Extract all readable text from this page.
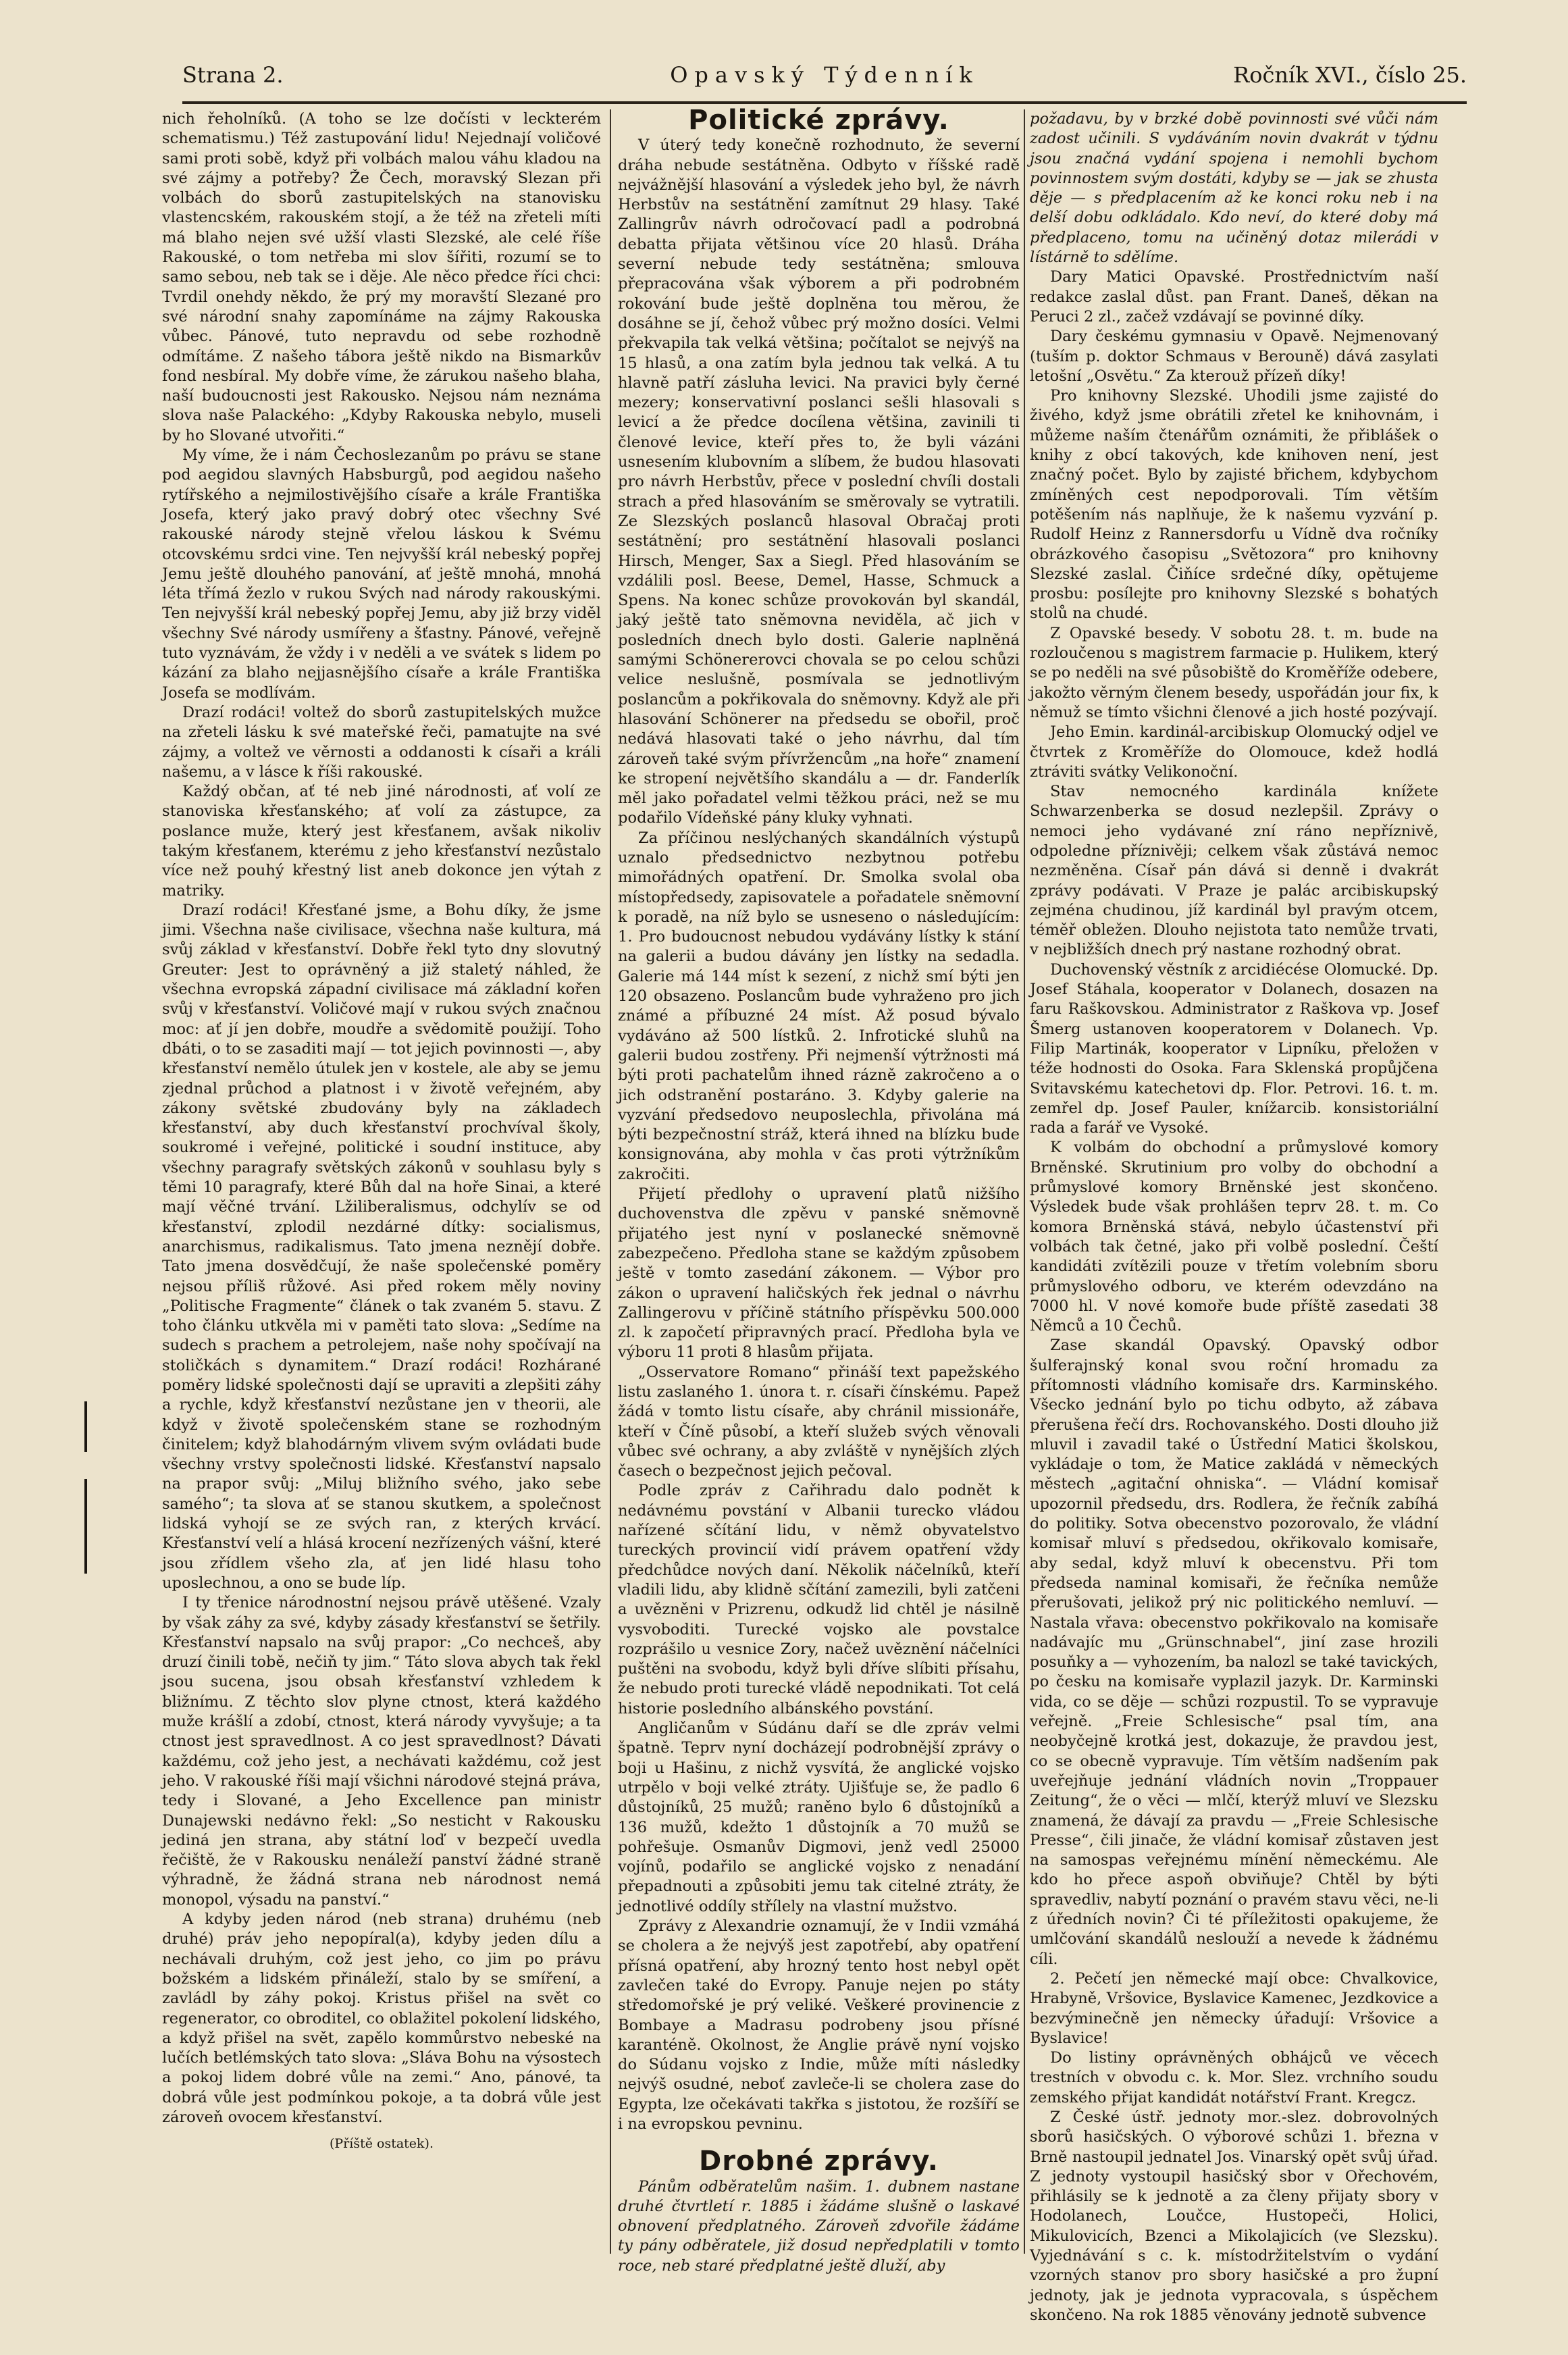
Strana 2.	Opavský Týdenník	Ročník XVI., číslo 25.

nich řeholníků. (A toho se lze dočísti v leckterém schematismu.) Též zastupování lidu! Nejednají voličové sami proti sobě, když při volbách malou váhu kladou na své zájmy a potřeby? Že Čech, moravský Slezan při volbách do sborů zastupitelských na stanovisku vlastencském, rakouském stojí, a že též na zřeteli míti má blaho nejen své užší vlasti Slezské, ale celé říše Rakouské, o tom netřeba mi slov šířiti, rozumí se to samo sebou, neb tak se i děje. Ale něco předce říci chci: Tvrdil onehdy někdo, že prý my moravští Slezané pro své národní snahy zapomínáme na zájmy Rakouska vůbec. Pánové, tuto nepravdu od sebe rozhodně odmítáme. Z našeho tábora ještě nikdo na Bismarkův fond nesbíral. My dobře víme, že zárukou našeho blaha, naší budoucnosti jest Rakousko. Nejsou nám neznáma slova naše Palackého: „Kdyby Rakouska nebylo, museli by ho Slované utvořiti.“

My víme, že i nám Čechoslezanům po právu se stane pod aegidou slavných Habsburgů, pod aegidou našeho rytířského a nejmilostivějšího císaře a krále Františka Josefa, který jako pravý dobrý otec všechny Své rakouské národy stejně vřelou láskou k Svému otcovskému srdci vine. Ten nejvyšší král nebeský popřej Jemu ještě dlouhého panování, ať ještě mnohá, mnohá léta třímá žezlo v rukou Svých nad národy rakouskými. Ten nejvyšší král nebeský popřej Jemu, aby již brzy viděl všechny Své národy usmířeny a šťastny. Pánové, veřejně tuto vyznávám, že vždy i v neděli a ve svátek s lidem po kázání za blaho nejjasnějšího císaře a krále Františka Josefa se modlívám.

Drazí rodáci! voltež do sborů zastupitelských mužce na zřeteli lásku k své mateřské řeči, pamatujte na své zájmy, a voltež ve věrnosti a oddanosti k císaři a králi našemu, a v lásce k říši rakouské.

Každý občan, ať té neb jiné národnosti, ať volí ze stanoviska křesťanského; ať volí za zástupce, za poslance muže, který jest křesťanem, avšak nikoliv takým křesťanem, kterému z jeho křesťanství nezůstalo více než pouhý křestný list aneb dokonce jen výtah z matriky.

Drazí rodáci! Křesťané jsme, a Bohu díky, že jsme jimi. Všechna naše civilisace, všechna naše kultura, má svůj základ v křesťanství. Dobře řekl tyto dny slovutný Greuter: Jest to oprávněný a již staletý náhled, že všechna evropská západní civilisace má základní kořen svůj v křesťanství. Voličové mají v rukou svých značnou moc: ať jí jen dobře, moudře a svědomitě použijí. Toho dbáti, o to se zasaditi mají — tot jejich povinnosti —, aby křesťanství nemělo útulek jen v kostele, ale aby se jemu zjednal průchod a platnost i v životě veřejném, aby zákony světské zbudovány byly na základech křesťanství, aby duch křesťanství prochvíval školy, soukromé i veřejné, politické i soudní instituce, aby všechny paragrafy světských zákonů v souhlasu byly s těmi 10 paragrafy, které Bůh dal na hoře Sinai, a které mají věčné trvání. Lžiliberalismus, odchylív se od křesťanství, zplodil nezdárné dítky: socialismus, anarchismus, radikalismus. Tato jmena neznějí dobře. Tato jmena dosvědčují, že naše společenské poměry nejsou příliš růžové. Asi před rokem měly noviny „Politische Fragmente“ článek o tak zvaném 5. stavu. Z toho článku utkvěla mi v paměti tato slova: „Sedíme na sudech s prachem a petrolejem, naše nohy spočívají na stoličkách s dynamitem.“ Drazí rodáci! Rozhárané poměry lidské společnosti dají se upraviti a zlepšiti záhy a rychle, když křesťanství nezůstane jen v theorii, ale když v životě společenském stane se rozhodným činitelem; když blahodárným vlivem svým ovládati bude všechny vrstvy společnosti lidské. Křesťanství napsalo na prapor svůj: „Miluj bližního svého, jako sebe samého“; ta slova ať se stanou skutkem, a společnost lidská vyhojí se ze svých ran, z kterých krvácí. Křesťanství velí a hlásá krocení nezřízených vášní, které jsou zřídlem všeho zla, ať jen lidé hlasu toho uposlechnou, a ono se bude líp.

I ty třenice národnostní nejsou právě utěšené. Vzaly by však záhy za své, kdyby zásady křesťanství se šetřily. Křesťanství napsalo na svůj prapor: „Co nechceš, aby druzí činili tobě, nečiň ty jim.“ Táto slova abych tak řekl jsou sucena, jsou obsah křesťanství vzhledem k bližnímu. Z těchto slov plyne ctnost, která každého muže krášlí a zdobí, ctnost, která národy vyvyšuje; a ta ctnost jest spravedlnost. A co jest spravedlnost? Dávati každému, což jeho jest, a nechávati každému, což jest jeho. V rakouské říši mají všichni národové stejná práva, tedy i Slované, a Jeho Excellence pan ministr Dunajewski nedávno řekl: „So nesticht v Rakousku jediná jen strana, aby státní loď v bezpečí uvedla řečiště, že v Rakousku nenáleží panství žádné straně výhradně, že žádná strana neb národnost nemá monopol, výsadu na panství.“

A kdyby jeden národ (neb strana) druhému (neb druhé) práv jeho nepopíral(a), kdyby jeden dílu a nechávali druhým, což jest jeho, co jim po právu božském a lidském přináleží, stalo by se smíření, a zavládl by záhy pokoj. Kristus přišel na svět co regenerator, co obroditel, co oblažitel pokolení lidského, a když přišel na svět, zapělo kommůrstvo nebeské na lučích betlémských tato slova: „Sláva Bohu na výsostech a pokoj lidem dobré vůle na zemi.“ Ano, pánové, ta dobrá vůle jest podmínkou pokoje, a ta dobrá vůle jest zároveň ovocem křesťanství.

(Příště ostatek).
Politické zprávy.

V úterý tedy konečně rozhodnuto, že severní dráha nebude sestátněna. Odbyto v říšské radě nejvážnější hlasování a výsledek jeho byl, že návrh Herbstův na sestátnění zamítnut 29 hlasy. Také Zallingrův návrh odročovací padl a podrobná debatta přijata většinou více 20 hlasů. Dráha severní nebude tedy sestátněna; smlouva přepracována však výborem a při podrobném rokování bude ještě doplněna tou měrou, že dosáhne se jí, čehož vůbec prý možno dosíci. Velmi překvapila tak velká většina; počítalot se nejvýš na 15 hlasů, a ona zatím byla jednou tak velká. A tu hlavně patří zásluha levici. Na pravici byly černé mezery; konservativní poslanci sešli hlasovali s levicí a že předce docílena většina, zavinili ti členové levice, kteří přes to, že byli vázáni usnesením klubovním a slíbem, že budou hlasovati pro návrh Herbstův, přece v poslední chvíli dostali strach a před hlasováním se směrovaly se vytratili. Ze Slezských poslanců hlasoval Obračaj proti sestátnění; pro sestátnění hlasovali poslanci Hirsch, Menger, Sax a Siegl. Před hlasováním se vzdálili posl. Beese, Demel, Hasse, Schmuck a Spens. Na konec schůze provokován byl skandál, jaký ještě tato sněmovna neviděla, ač jich v posledních dnech bylo dosti. Galerie naplněná samými Schönererovci chovala se po celou schůzi velice neslušně, posmívala se jednotlivým poslancům a pokřikovala do sněmovny. Když ale při hlasování Schönerer na předsedu se obořil, proč nedává hlasovati také o jeho návrhu, dal tím zároveň také svým přívržencům „na hoře“ znamení ke stropení největšího skandálu a — dr. Fanderlík měl jako pořadatel velmi těžkou práci, než se mu podařilo Vídeňské pány kluky vyhnati.

Za příčinou neslýchaných skandálních výstupů uznalo předsednictvo nezbytnou potřebu mimořádných opatření. Dr. Smolka svolal oba místopředsedy, zapisovatele a pořadatele sněmovní k poradě, na níž bylo se usneseno o následujícím: 1. Pro budoucnost nebudou vydávány lístky k stání na galerii a budou dávány jen lístky na sedadla. Galerie má 144 míst k sezení, z nichž smí býti jen 120 obsazeno. Poslancům bude vyhraženo pro jich známé a příbuzné 24 míst. Až posud bývalo vydáváno až 500 lístků. 2. Infrotické sluhů na galerii budou zostřeny. Při nejmenší výtržnosti má býti proti pachatelům ihned rázně zakročeno a o jich odstranění postaráno. 3. Kdyby galerie na vyzvání předsedovo neuposlechla, přivolána má býti bezpečnostní stráž, která ihned na blízku bude konsignována, aby mohla v čas proti výtržníkům zakročiti.

Přijetí předlohy o upravení platů nižšího duchovenstva dle zpěvu v panské sněmovně přijatého jest nyní v poslanecké sněmovně zabezpečeno. Předloha stane se každým způsobem ještě v tomto zasedání zákonem. — Výbor pro zákon o upravení haličských řek jednal o návrhu Zallingerovu v příčině státního příspěvku 500.000 zl. k započetí připravných prací. Předloha byla ve výboru 11 proti 8 hlasům přijata.

„Osservatore Romano“ přináší text papežského listu zaslaného 1. února t. r. císaři čínskému. Papež žádá v tomto listu císaře, aby chránil missionáře, kteří v Číně působí, a kteří služeb svých věnovali vůbec své ochrany, a aby zvláště v nynějších zlých časech o bezpečnost jejich pečoval.

Podle zpráv z Cařihradu dalo podnět k nedávnému povstání v Albanii turecko vládou nařízené sčítání lidu, v němž obyvatelstvo tureckých provincií vidí právem opatření vždy předchůdce nových daní. Několik náčelníků, kteří vladili lidu, aby klidně sčítání zamezili, byli zatčeni a uvězněni v Prizrenu, odkudž lid chtěl je násilně vysvoboditi. Turecké vojsko ale povstalce rozprášilo u vesnice Zory, načež uvěznění náčelníci puštěni na svobodu, když byli dříve slíbiti přísahu, že nebudo proti turecké vládě nepodnikati. Tot celá historie posledního albánského povstání.

Angličanům v Súdánu daří se dle zpráv velmi špatně. Teprv nyní docházejí podrobnější zprávy o boji u Hašinu, z nichž vysvítá, že anglické vojsko utrpělo v boji velké ztráty. Ujišťuje se, že padlo 6 důstojníků, 25 mužů; raněno bylo 6 důstojníků a 136 mužů, kdežto 1 důstojník a 70 mužů se pohřešuje. Osmanův Digmovi, jenž vedl 25000 vojínů, podařilo se anglické vojsko z nenadání přepadnouti a způsobiti jemu tak citelné ztráty, že jednotlivé oddíly střílely na vlastní mužstvo.

Zprávy z Alexandrie oznamují, že v Indii vzmáhá se cholera a že nejvýš jest zapotřebí, aby opatření přísná opatření, aby hrozný tento host nebyl opět zavlečen také do Evropy. Panuje nejen po státy středomořské je prý veliké. Veškeré provinencie z Bombaye a Madrasu podrobeny jsou přísné karanténě. Okolnost, že Anglie právě nyní vojsko do Súdanu vojsko z Indie, může míti následky nejvýš osudné, neboť zavleče-li se cholera zase do Egypta, lze očekávati takřka s jistotou, že rozšíří se i na evropskou pevninu.

Drobné zprávy.

Pánům odběratelům našim. 1. dubnem nastane druhé čtvrtletí r. 1885 i žádáme slušně o laskavé obnovení předplatného. Zároveň zdvořile žádáme ty pány odběratele, již dosud nepředplatili v tomto roce, neb staré předplatné ještě dluží, aby

požadavu, by v brzké době povinnosti své vůči nám zadost učinili. S vydáváním novin dvakrát v týdnu jsou značná vydání spojena i nemohli bychom povinnostem svým dostáti, kdyby se — jak se zhusta děje — s předplacením až ke konci roku neb i na delší dobu odkládalo. Kdo neví, do které doby má předplaceno, tomu na učiněný dotaz milerádi v lístárně to sdělíme.

Dary Matici Opavské. Prostřednictvím naší redakce zaslal důst. pan Frant. Daneš, děkan na Peruci 2 zl., začež vzdávají se povinné díky.

Dary českému gymnasiu v Opavě. Nejmenovaný (tuším p. doktor Schmaus v Berouně) dává zasylati letošní „Osvětu.“ Za kterouž přízeň díky!

Pro knihovny Slezské. Uhodili jsme zajisté do živého, když jsme obrátili zřetel ke knihovnám, i můžeme naším čtenářům oznámiti, že přiblášek o knihy z obcí takových, kde knihoven není, jest značný počet. Bylo by zajisté břichem, kdybychom zmíněných cest nepodporovali. Tím větším potěšením nás naplňuje, že k našemu vyzvání p. Rudolf Heinz z Rannersdorfu u Vídně dva ročníky obrázkového časopisu „Světozora“ pro knihovny Slezské zaslal. Čiňíce srdečné díky, opětujeme prosbu: posílejte pro knihovny Slezské s bohatých stolů na chudé.

Z Opavské besedy. V sobotu 28. t. m. bude na rozloučenou s magistrem farmacie p. Hulikem, který se po neděli na své působiště do Kroměříže odebere, jakožto věrným členem besedy, uspořádán jour fix, k němuž se tímto všichni členové a jich hosté pozývají.

Jeho Emin. kardinál-arcibiskup Olomucký odjel ve čtvrtek z Kroměříže do Olomouce, kdež hodlá ztráviti svátky Velikonoční.

Stav nemocného kardinála knížete Schwarzenberka se dosud nezlepšil. Zprávy o nemoci jeho vydávané zní ráno nepříznivě, odpoledne příznivěji; celkem však zůstává nemoc nezměněna. Císař pán dává si denně i dvakrát zprávy podávati. V Praze je palác arcibiskupský zejména chudinou, jíž kardinál byl pravým otcem, téměř obležen. Dlouho nejistota tato nemůže trvati, v nejbližších dnech prý nastane rozhodný obrat.

Duchovenský věstník z arcidiécése Olomucké. Dp. Josef Stáhala, kooperator v Dolanech, dosazen na faru Raškovskou. Administrator z Raškova vp. Josef Šmerg ustanoven kooperatorem v Dolanech. Vp. Filip Martinák, kooperator v Lipníku, přeložen v téže hodnosti do Osoka. Fara Sklenská propůjčena Svitavskému katechetovi dp. Flor. Petrovi. 16. t. m. zemřel dp. Josef Pauler, knížarcib. konsistoriální rada a farář ve Vysoké.

K volbám do obchodní a průmyslové komory Brněnské. Skrutinium pro volby do obchodní a průmyslové komory Brněnské jest skončeno. Výsledek bude však prohlášen teprv 28. t. m. Co komora Brněnská stává, nebylo účastenství při volbách tak četné, jako při volbě poslední. Čeští kandidáti zvítězili pouze v třetím volebním sboru průmyslového odboru, ve kterém odevzdáno na 7000 hl. V nové komoře bude příště zasedati 38 Němců a 10 Čechů.

Zase skandál Opavský. Opavský odbor šulferajnský konal svou roční hromadu za přítomnosti vládního komisaře drs. Karminského. Všecko jednání bylo po tichu odbyto, až zábava přerušena řečí drs. Rochovanského. Dosti dlouho již mluvil i zavadil také o Ústřední Matici školskou, vykládaje o tom, že Matice zakládá v německých městech „agitační ohniska“. — Vládní komisař upozornil předsedu, drs. Rodlera, že řečník zabíhá do politiky. Sotva obecenstvo pozorovalo, že vládní komisař mluví s předsedou, okřikovalo komisaře, aby sedal, když mluví k obecenstvu. Při tom předseda naminal komisaři, že řečníka nemůže přerušovati, jelikož prý nic politického nemluví. — Nastala vřava: obecenstvo pokřikovalo na komisaře nadávajíc mu „Grünschnabel“, jiní zase hrozili posuňky a — vyhozením, ba nalozl se také tavických, po česku na komisaře vyplazil jazyk. Dr. Karminski vida, co se děje — schůzi rozpustil. To se vypravuje veřejně. „Freie Schlesische“ psal tím, ana neobyčejně krotká jest, dokazuje, že pravdou jest, co se obecně vypravuje. Tím větším nadšením pak uveřejňuje jednání vládních novin „Troppauer Zeitung“, že o věci — mlčí, kterýž mluví ve Slezsku znamená, že dávají za pravdu — „Freie Schlesische Presse“, čili jinače, že vládní komisař zůstaven jest na samospas veřejnému mínění německému. Ale kdo ho přece aspoň obviňuje? Chtěl by býti spravedliv, nabytí poznání o pravém stavu věci, ne-li z úředních novin? Či té příležitosti opakujeme, že umlčování skandálů neslouží a nevede k žádnému cíli.

2. Pečetí jen německé mají obce: Chvalkovice, Hrabyně, Vršovice, Byslavice Kamenec, Jezdkovice a bezvýminečně jen německy úřadují: Vršovice a Byslavice!

Do listiny oprávněných obhájců ve věcech trestních v obvodu c. k. Mor. Slez. vrchního soudu zemského přijat kandidát notářství Frant. Kregcz.

Z České ústř. jednoty mor.-slez. dobrovolných sborů hasičských. O výborové schůzi 1. března v Brně nastoupil jednatel Jos. Vinarský opět svůj úřad. Z jednoty vystoupil hasičský sbor v Ořechovém, přihlásily se k jednotě a za členy přijaty sbory v Hodolanech, Loučce, Hustopeči, Holici, Mikulovicích, Bzenci a Mikolajicích (ve Slezsku). Vyjednávání s c. k. místodržitelstvím o vydání vzorných stanov pro sbory hasičské a pro župní jednoty, jak je jednota vypracovala, s úspěchem skončeno. Na rok 1885 věnovány jednotě subvence
